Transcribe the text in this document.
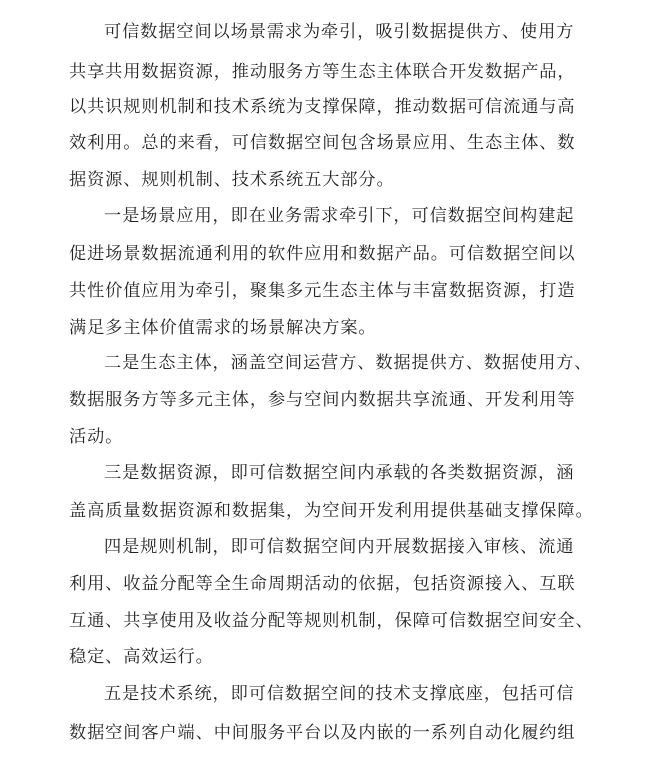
可信数据空间以场景需求为牵引，吸引数据提供方、使用方
共享共用数据资源，推动服务方等生态主体联合开发数据产品，
以共识规则机制和技术系统为支撑保障，推动数据可信流通与高
效利用。总的来看，可信数据空间包含场景应用、生态主体、数
据资源、规则机制、技术系统五大部分。
一是场景应用，即在业务需求牵引下，可信数据空间构建起
促进场景数据流通利用的软件应用和数据产品。可信数据空间以
共性价值应用为牵引，聚集多元生态主体与丰富数据资源，打造
满足多主体价值需求的场景解决方案。
二是生态主体，涵盖空间运营方、数据提供方、数据使用方、
数据服务方等多元主体，参与空间内数据共享流通、开发利用等
活动。
三是数据资源，即可信数据空间内承载的各类数据资源，涵
盖高质量数据资源和数据集，为空间开发利用提供基础支撑保障。
四是规则机制，即可信数据空间内开展数据接入审核、流通
利用、收益分配等全生命周期活动的依据，包括资源接入、互联
互通、共享使用及收益分配等规则机制，保障可信数据空间安全、
稳定、高效运行。
五是技术系统，即可信数据空间的技术支撑底座，包括可信
数据空间客户端、中间服务平台以及内嵌的一系列自动化履约组
